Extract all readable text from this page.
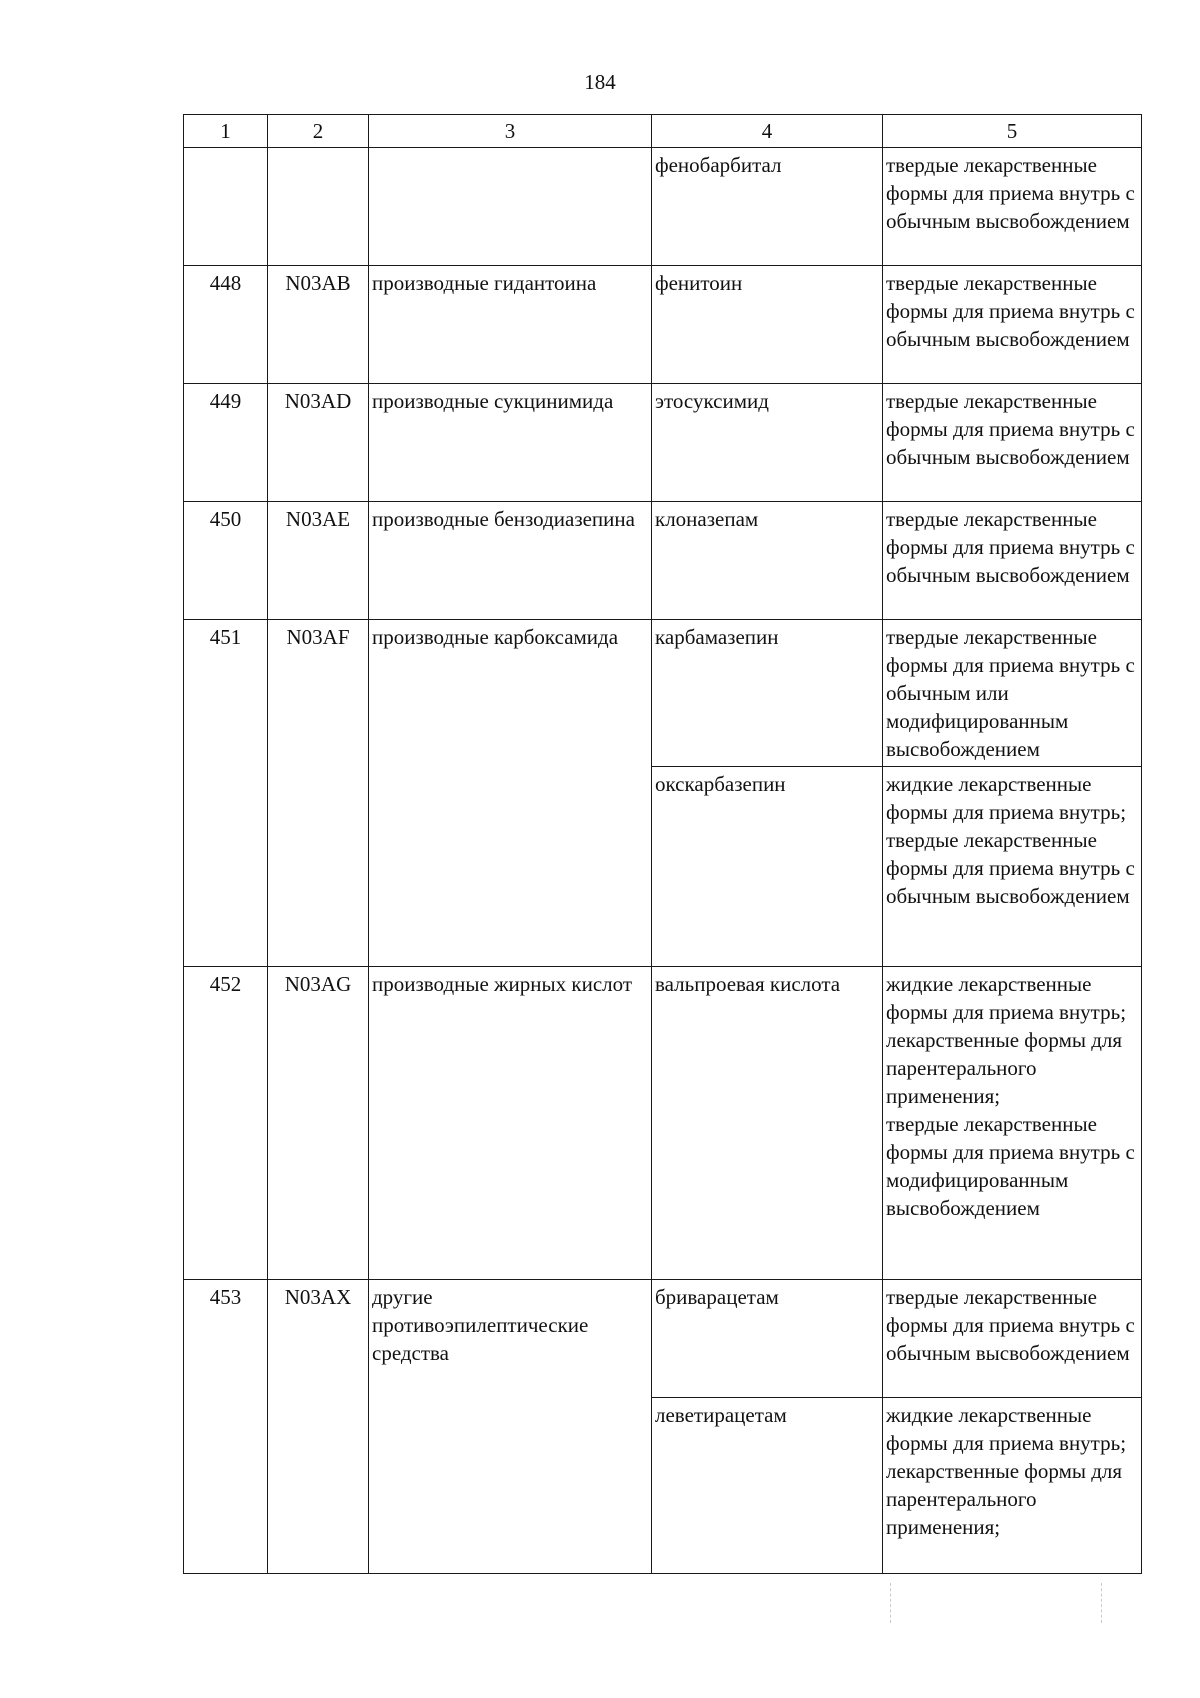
184
1	2	3	4	5
			фенобарбитал	твердые лекарственные формы для приема внутрь с обычным высвобождением
448	N03AB	производные гидантоина	фенитоин	твердые лекарственные формы для приема внутрь с обычным высвобождением
449	N03AD	производные сукцинимида	этосуксимид	твердые лекарственные формы для приема внутрь с обычным высвобождением
450	N03AE	производные бензодиазепина	клоназепам	твердые лекарственные формы для приема внутрь с обычным высвобождением
451	N03AF	производные карбоксамида	карбамазепин	твердые лекарственные формы для приема внутрь с обычным или модифицированным высвобождением
			окскарбазепин	жидкие лекарственные формы для приема внутрь;
твердые лекарственные формы для приема внутрь с обычным высвобождением

452	N03AG	производные жирных кислот	вальпроевая кислота	жидкие лекарственные формы для приема внутрь;
лекарственные формы для парентерального применения;
твердые лекарственные формы для приема внутрь с модифицированным высвобождением

453	N03AX	другие противоэпилептические средства	бриварацетам	твердые лекарственные формы для приема внутрь с обычным высвобождением
			леветирацетам	жидкие лекарственные формы для приема внутрь;
лекарственные формы для парентерального применения;
